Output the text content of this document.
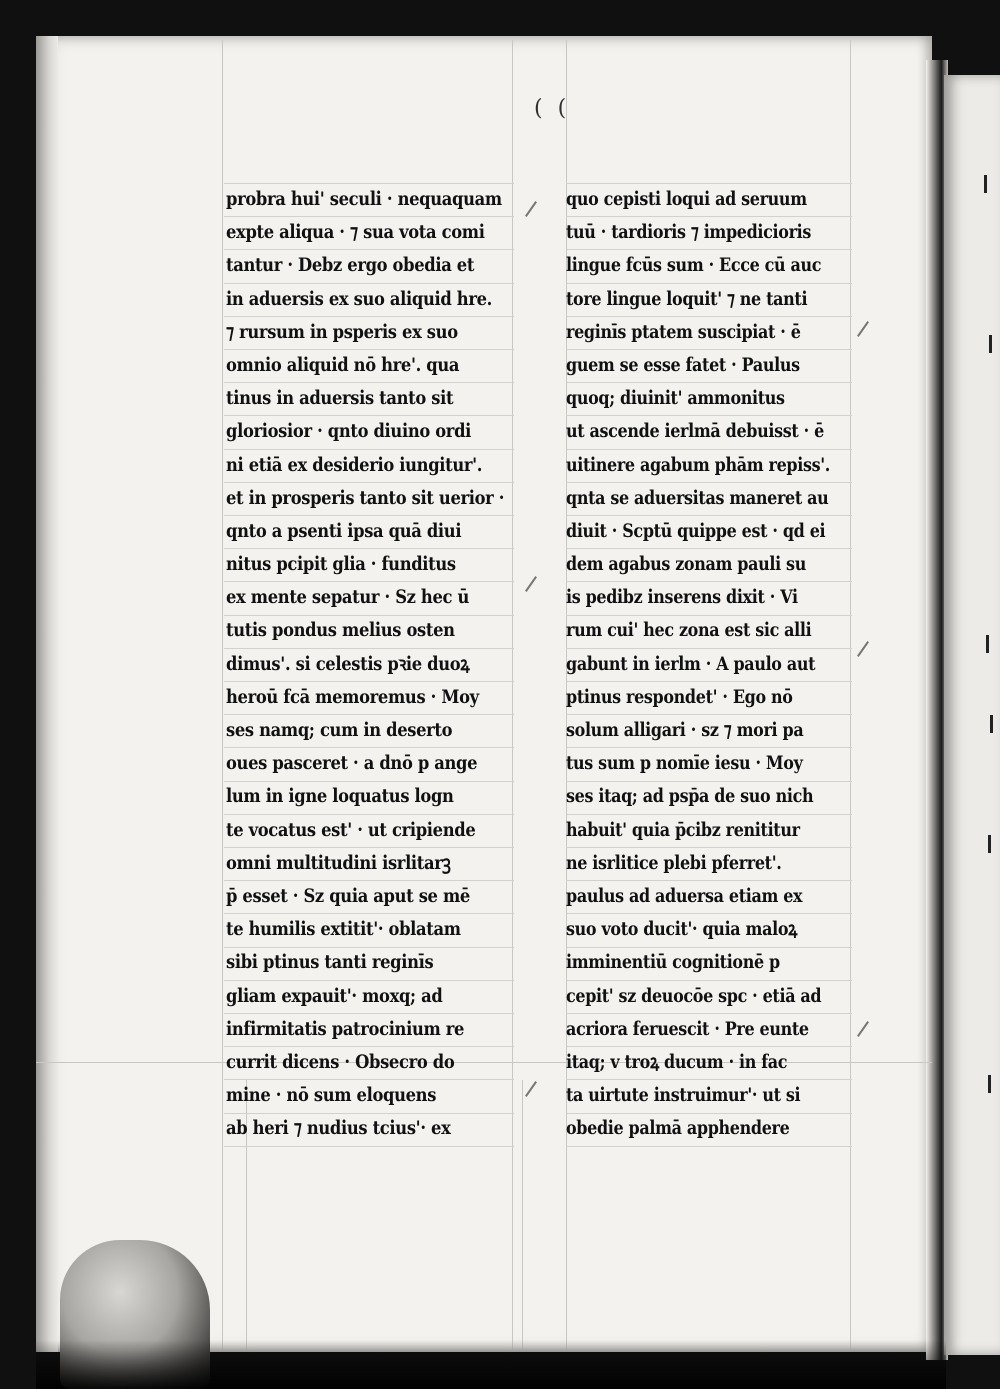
( (
probra hui' seculi · nequaquam
expte aliqua · ⁊ sua vota comi
tantur · Debz ergo obedia et
in aduersis ex suo aliquid hre.
⁊ rursum in psperis ex suo
omnio aliquid nō hre'. qua
tinus in aduersis tanto sit
gloriosior · qnto diuino ordi
ni etiā ex desiderio iungitur'.
et in prosperis tanto sit uerior ·
qnto a psenti ipsa quā diui
nitus pcipit glia · funditus
ex mente sepatur · Sz hec ū
tutis pondus melius osten
dimus'. si celestis pꝛie duoꝝ
heroū fcā memoremus · Moy
ses namq; cum in deserto
oues pasceret · a dnō p ange
lum in igne loquatus logn
te vocatus est' · ut cripiende
omni multitudini isrlitarꝫ
p̄ esset · Sz quia aput se mē
te humilis extitit'· oblatam
sibi ptinus tanti reginīs
gliam expauit'· moxq; ad
infirmitatis patrocinium re
currit dicens · Obsecro do
mine · nō sum eloquens
ab heri ⁊ nudius tcius'· ex
quo cepisti loqui ad seruum
tuū · tardioris ⁊ impedicioris
lingue fcūs sum · Ecce cū auc
tore lingue loquit' ⁊ ne tanti
reginīs ptatem suscipiat · ē
guem se esse fatet · Paulus
quoq; diuinit' ammonitus
ut ascende ierlmā debuisst · ē
uitinere agabum phām repiss'.
qnta se aduersitas maneret au
diuit · Scptū quippe est · qd ei
dem agabus zonam pauli su
is pedibz inserens dixit · Vi
rum cui' hec zona est sic alli
gabunt in ierlm · A paulo aut
ptinus respondet' · Ego nō
solum alligari · sz ⁊ mori pa
tus sum p nomīe iesu · Moy
ses itaq; ad psp̄a de suo nich
habuit' quia p̄cibz renititur
ne isrlitice plebi pferret'.
paulus ad aduersa etiam ex
suo voto ducit'· quia maloꝝ
imminentiū cognitionē p
cepit' sz deuocōe spc · etiā ad
acriora feruescit · Pre eunte
itaq; v troꝝ ducum · in fac
ta uirtute instruimur'· ut si
obedie palmā apphendere
